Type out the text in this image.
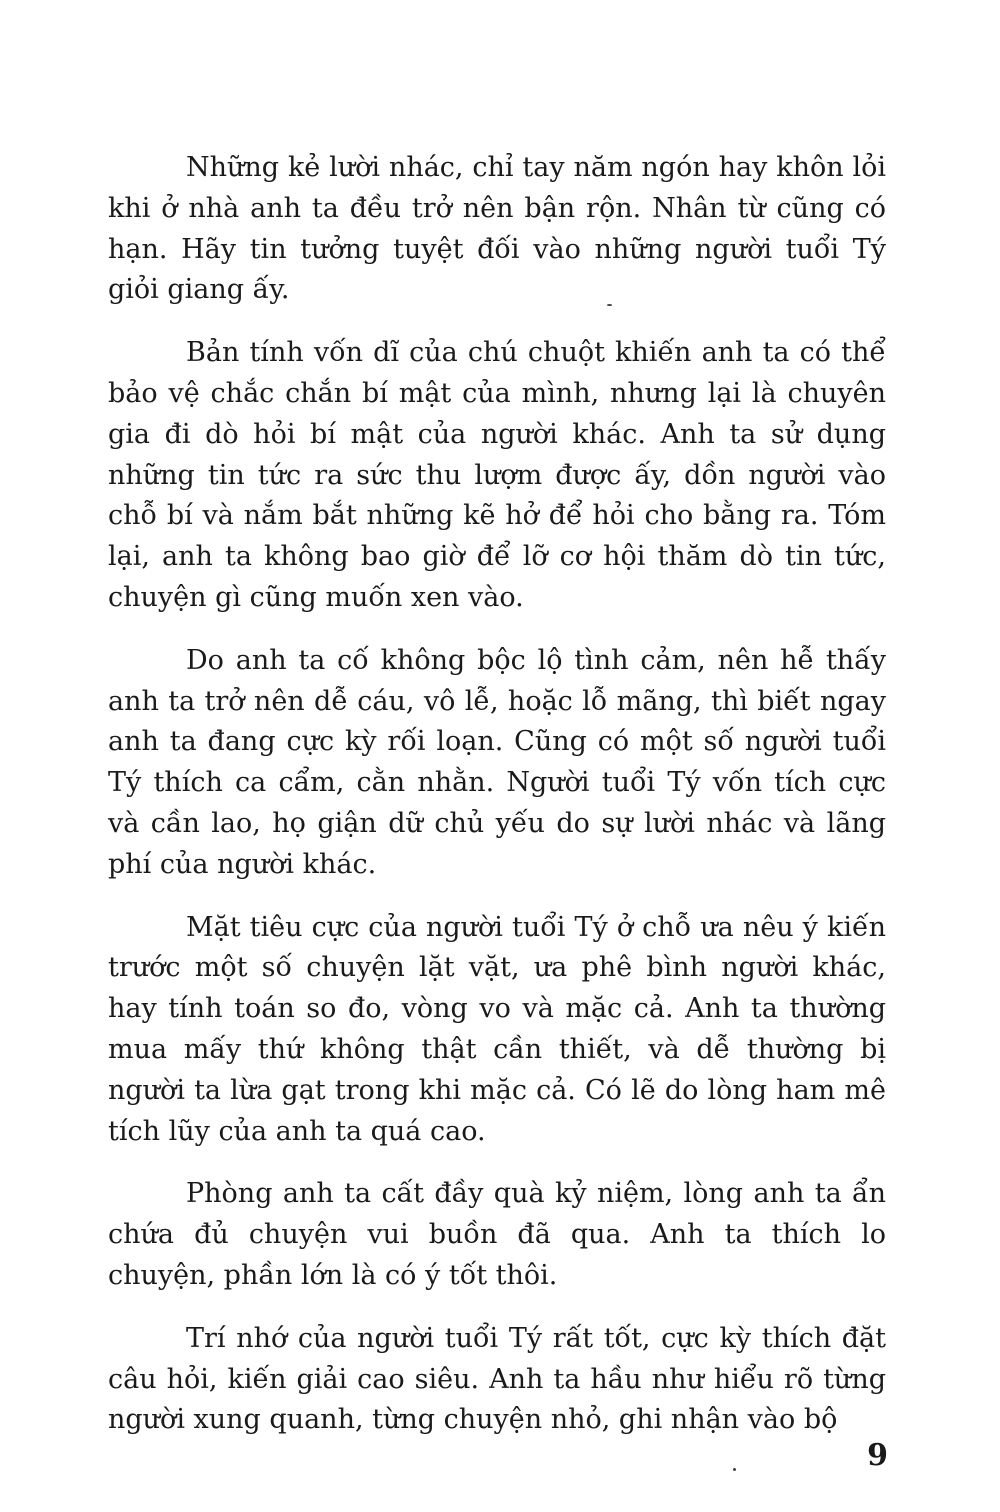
Những kẻ lười nhác, chỉ tay năm ngón hay khôn lỏi khi ở nhà anh ta đều trở nên bận rộn. Nhân từ cũng có hạn. Hãy tin tưởng tuyệt đối vào những người tuổi Tý giỏi giang ấy.

Bản tính vốn dĩ của chú chuột khiến anh ta có thể bảo vệ chắc chắn bí mật của mình, nhưng lại là chuyên gia đi dò hỏi bí mật của người khác. Anh ta sử dụng những tin tức ra sức thu lượm được ấy, dồn người vào chỗ bí và nắm bắt những kẽ hở để hỏi cho bằng ra. Tóm lại, anh ta không bao giờ để lỡ cơ hội thăm dò tin tức, chuyện gì cũng muốn xen vào.

Do anh ta cố không bộc lộ tình cảm, nên hễ thấy anh ta trở nên dễ cáu, vô lễ, hoặc lỗ mãng, thì biết ngay anh ta đang cực kỳ rối loạn. Cũng có một số người tuổi Tý thích ca cẩm, cằn nhằn. Người tuổi Tý vốn tích cực và cần lao, họ giận dữ chủ yếu do sự lười nhác và lãng phí của người khác.

Mặt tiêu cực của người tuổi Tý ở chỗ ưa nêu ý kiến trước một số chuyện lặt vặt, ưa phê bình người khác, hay tính toán so đo, vòng vo và mặc cả. Anh ta thường mua mấy thứ không thật cần thiết, và dễ thường bị người ta lừa gạt trong khi mặc cả. Có lẽ do lòng ham mê tích lũy của anh ta quá cao.

Phòng anh ta cất đầy quà kỷ niệm, lòng anh ta ẩn chứa đủ chuyện vui buồn đã qua. Anh ta thích lo chuyện, phần lớn là có ý tốt thôi.

Trí nhớ của người tuổi Tý rất tốt, cực kỳ thích đặt câu hỏi, kiến giải cao siêu. Anh ta hầu như hiểu rõ từng người xung quanh, từng chuyện nhỏ, ghi nhận vào bộ

9
